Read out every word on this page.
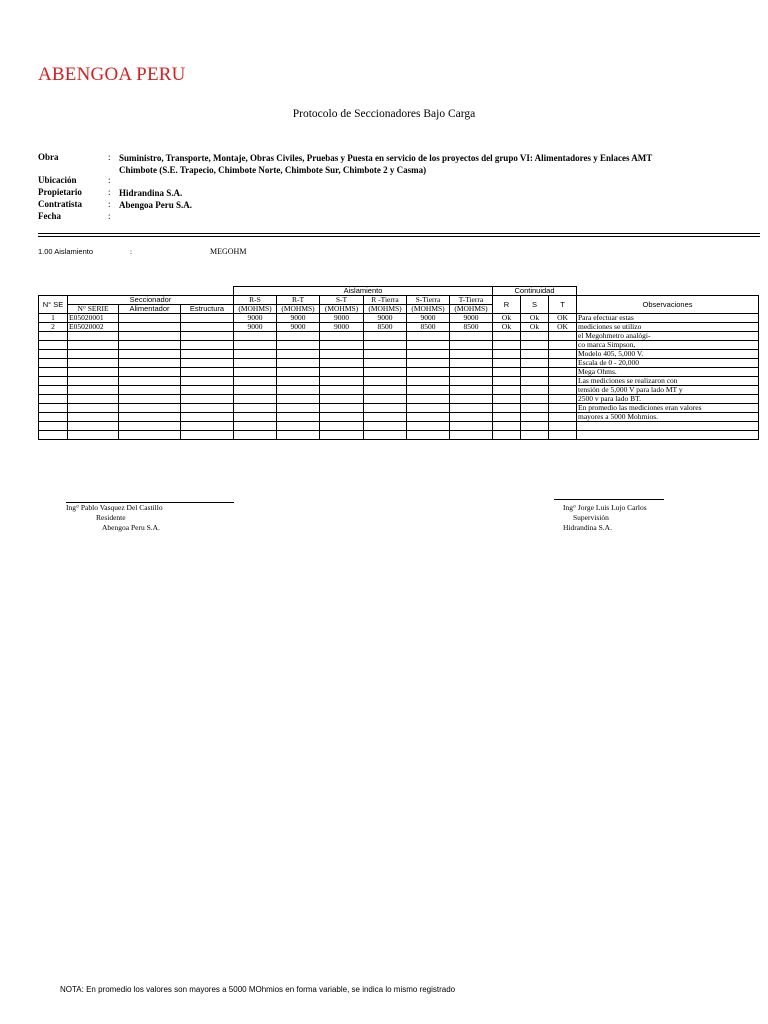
ABENGOA PERU
Protocolo de Seccionadores Bajo Carga
Obra	: Suministro, Transporte, Montaje, Obras Civiles, Pruebas y Puesta en servicio de los proyectos del grupo VI: Alimentadores y Enlaces AMT
Chimbote (S.E. Trapecio, Chimbote Norte, Chimbote Sur, Chimbote 2 y Casma)
Ubicación	:
Propietario	: Hidrandina S.A.
Contratista	: Abengoa Peru S.A.
Fecha	:
1.00 Aislamiento	:	MEGOHM
				Aislamiento						Continuidad			
N° SE	Seccionador			R-S	R-T	S-T	R -Tierra	S-Tierra	T-Tierra	R	S	T	Observaciones
	N° SERIE	Alimentador	Estructura	(MOHMS)	(MOHMS)	(MOHMS)	(MOHMS)	(MOHMS)	(MOHMS)				
1	E05020001			9000	9000	9000	9000	9000	9000	Ok	Ok	OK	Para efectuar estas
2	E05020002			9000	9000	9000	8500	8500	8500	Ok	Ok	OK	mediciones se utilizo
													el Megohmetro analógi-
													co marca Simpson,
													Modelo 405, 5,000 V.
													Escala de 0 - 20,000
													Mega Ohms.
													Las mediciones se realizaron con
													tensión de 5,000 V para lado MT y
													2500 v para lado BT.
													En promedio las mediciones eran valores
													mayores a 5000 Mohmios.

Ing° Pablo Vasquez Del Castillo
Residente
Abengoa Peru S.A.
Ing° Jorge Luis Lujo Carlos
Supervisión
Hidrandina S.A.
NOTA: En promedio los valores son mayores a 5000 MOhmios en forma variable, se indica lo mismo registrado
